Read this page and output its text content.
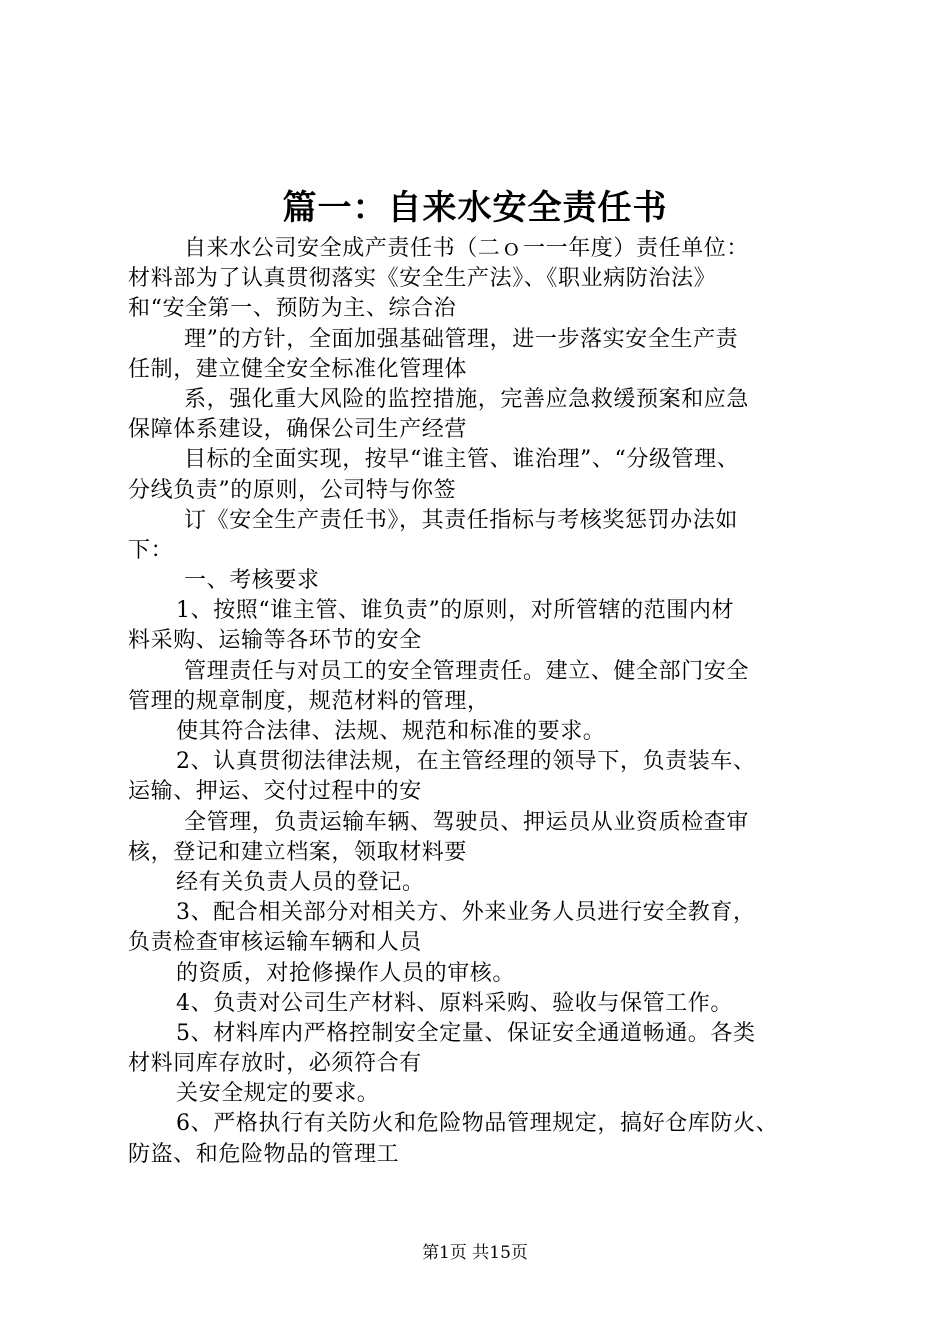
篇一：自来水安全责任书
自来水公司安全成产责任书（二ｏ一一年度）责任单位：
材料部为了认真贯彻落实《安全生产法》、《职业病防治法》
和“安全第一、预防为主、综合治
理”的方针，全面加强基础管理，进一步落实安全生产责
任制，建立健全安全标准化管理体
系，强化重大风险的监控措施，完善应急救缓预案和应急
保障体系建设，确保公司生产经营
目标的全面实现，按早“谁主管、谁治理”、“分级管理、
分线负责”的原则，公司特与你签
订《安全生产责任书》，其责任指标与考核奖惩罚办法如
下：
一、考核要求
1、按照“谁主管、谁负责”的原则，对所管辖的范围内材
料采购、运输等各环节的安全
管理责任与对员工的安全管理责任。建立、健全部门安全
管理的规章制度，规范材料的管理，
使其符合法律、法规、规范和标准的要求。
2、认真贯彻法律法规，在主管经理的领导下，负责装车、
运输、押运、交付过程中的安
全管理，负责运输车辆、驾驶员、押运员从业资质检查审
核，登记和建立档案，领取材料要
经有关负责人员的登记。
3、配合相关部分对相关方、外来业务人员进行安全教育，
负责检查审核运输车辆和人员
的资质，对抢修操作人员的审核。
4、负责对公司生产材料、原料采购、验收与保管工作。
5、材料库内严格控制安全定量、保证安全通道畅通。各类
材料同库存放时，必须符合有
关安全规定的要求。
6、严格执行有关防火和危险物品管理规定，搞好仓库防火、
防盗、和危险物品的管理工
第1页 共15页
